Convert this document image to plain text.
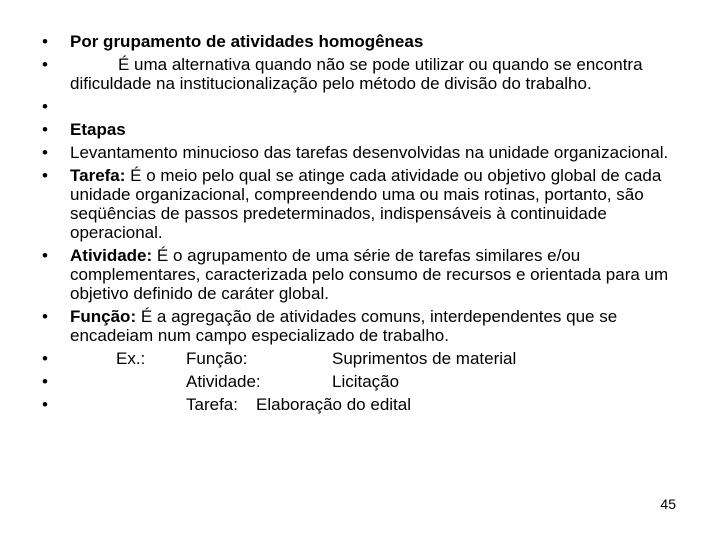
• Por grupamento de atividades homogêneas
•	É uma alternativa quando não se pode utilizar ou quando se encontra dificuldade na institucionalização pelo método de divisão do trabalho.
•
• Etapas
• Levantamento minucioso das tarefas desenvolvidas na unidade organizacional.
• Tarefa: É o meio pelo qual se atinge cada atividade ou objetivo global de cada unidade organizacional, compreendendo uma ou mais rotinas, portanto, são seqüências de passos predeterminados, indispensáveis à continuidade operacional.
• Atividade: É o agrupamento de uma série de tarefas similares e/ou complementares, caracterizada pelo consumo de recursos e orientada para um objetivo definido de caráter global.
• Função: É a agregação de atividades comuns, interdependentes que se encadeiam num campo especializado de trabalho.
•	Ex.: Função:	Suprimentos de material
•	Atividade:	Licitação
•	Tarefa: Elaboração do edital
45
